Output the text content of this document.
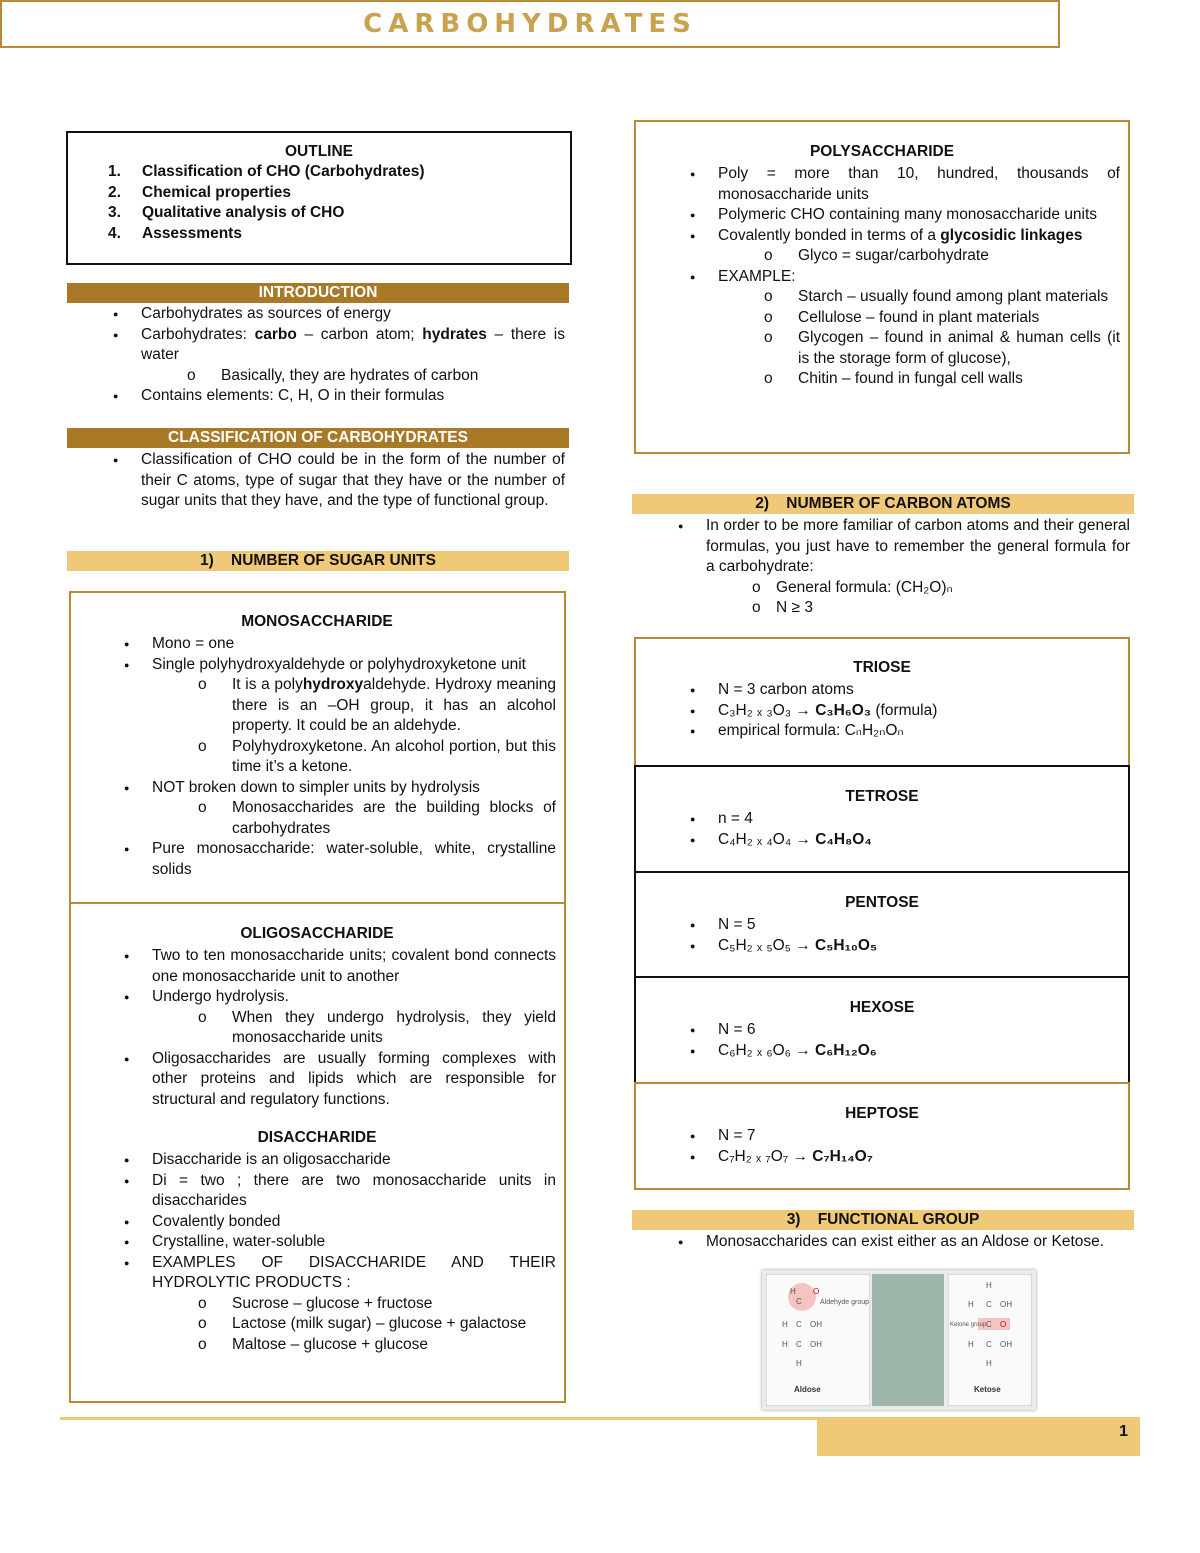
CARBOHYDRATES
OUTLINE
1. Classification of CHO (Carbohydrates)
2. Chemical properties
3. Qualitative analysis of CHO
4. Assessments
INTRODUCTION
● Carbohydrates as sources of energy
● Carbohydrates: carbo – carbon atom; hydrates – there is water
o Basically, they are hydrates of carbon
● Contains elements: C, H, O in their formulas
CLASSIFICATION OF CARBOHYDRATES
● Classification of CHO could be in the form of the number of their C atoms, type of sugar that they have or the number of sugar units that they have, and the type of functional group.
1)    NUMBER OF SUGAR UNITS
MONOSACCHARIDE
● Mono = one
● Single polyhydroxyaldehyde or polyhydroxyketone unit
o It is a polyhydroxyaldehyde. Hydroxy meaning there is an –OH group, it has an alcohol property. It could be an aldehyde.
o Polyhydroxyketone. An alcohol portion, but this time it’s a ketone.
● NOT broken down to simpler units by hydrolysis
o Monosaccharides are the building blocks of carbohydrates
● Pure monosaccharide: water-soluble, white, crystalline solids
OLIGOSACCHARIDE
● Two to ten monosaccharide units; covalent bond connects one monosaccharide unit to another
● Undergo hydrolysis.
o When they undergo hydrolysis, they yield monosaccharide units
● Oligosaccharides are usually forming complexes with other proteins and lipids which are responsible for structural and regulatory functions.
DISACCHARIDE
● Disaccharide is an oligosaccharide
● Di = two ; there are two monosaccharide units in disaccharides
● Covalently bonded
● Crystalline, water-soluble
● EXAMPLES OF DISACCHARIDE AND THEIR HYDROLYTIC PRODUCTS :
o Sucrose – glucose + fructose
o Lactose (milk sugar) – glucose + galactose
o Maltose – glucose + glucose
POLYSACCHARIDE
● Poly = more than 10, hundred, thousands of monosaccharide units
● Polymeric CHO containing many monosaccharide units
● Covalently bonded in terms of a glycosidic linkages
o Glyco = sugar/carbohydrate
● EXAMPLE:
o Starch – usually found among plant materials
o Cellulose – found in plant materials
o Glycogen – found in animal & human cells (it is the storage form of glucose),
o Chitin – found in fungal cell walls
2)    NUMBER OF CARBON ATOMS
● In order to be more familiar of carbon atoms and their general formulas, you just have to remember the general formula for a carbohydrate:
o General formula: (CH₂O)ₙ
o N ≥ 3
TRIOSE
● N = 3 carbon atoms
● C₃H₂ ₓ ₃O₃ → C₃H₆O₃ (formula)
● empirical formula: CₙH₂ₙOₙ
TETROSE
● n = 4
● C₄H₂ ₓ ₄O₄ → C₄H₈O₄
PENTOSE
● N = 5
● C₅H₂ ₓ ₅O₅ → C₅H₁₀O₅
HEXOSE
● N = 6
● C₆H₂ ₓ ₆O₆ → C₆H₁₂O₆
HEPTOSE
● N = 7
● C₇H₂ ₓ ₇O₇ → C₇H₁₄O₇
3)    FUNCTIONAL GROUP
● Monosaccharides can exist either as an Aldose or Ketose.
H
C
O
Aldehyde group
H C OH
H C OH
H
Aldose
H
H C OH
Ketone group C O
H C OH
H
Ketose
1
